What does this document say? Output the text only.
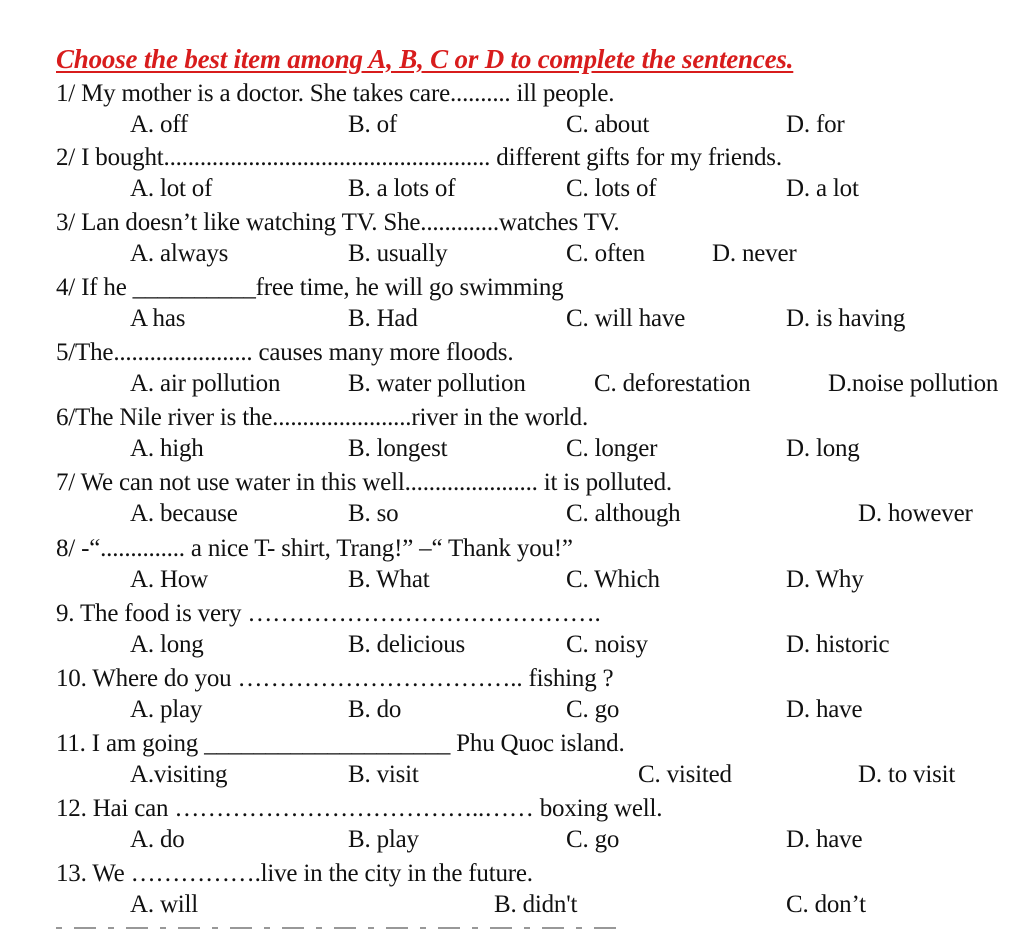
Choose the best item among A, B, C or D to complete the sentences.
1/ My mother is a doctor. She takes care.......... ill people.
A. off	B. of	C. about	D. for
2/ I bought...................................................... different gifts for my friends.
A. lot of	B. a lots of	C. lots of	D. a lot
3/ Lan doesn’t like watching TV. She.............watches TV.
A. always	B. usually	C. often	D. never
4/ If he __________free time, he will go swimming
A has	B. Had	C. will have	D. is having
5/The....................... causes many more floods.
A. air pollution	B. water pollution	C. deforestation	D.noise pollution
6/The Nile river is the.......................river in the world.
A. high	B. longest	C. longer	D. long
7/ We can not use water in this well...................... it is polluted.
A. because	B. so	C. although	D. however
8/ -“.............. a nice T- shirt, Trang!” –“ Thank you!”
A. How	B. What	C. Which	D. Why
9. The food is very …………………………………….
A. long	B. delicious	C. noisy	D. historic
10. Where do you …………………………….. fishing ?
A. play	B. do	C. go	D. have
11. I am going ____________________ Phu Quoc island.
A.visiting	B. visit	C. visited	D. to visit
12. Hai can ………………………………..…… boxing well.
A. do	B. play	C. go	D. have
13. We …………….live in the city in the future.
A. will	B. didn't	C. don’t
